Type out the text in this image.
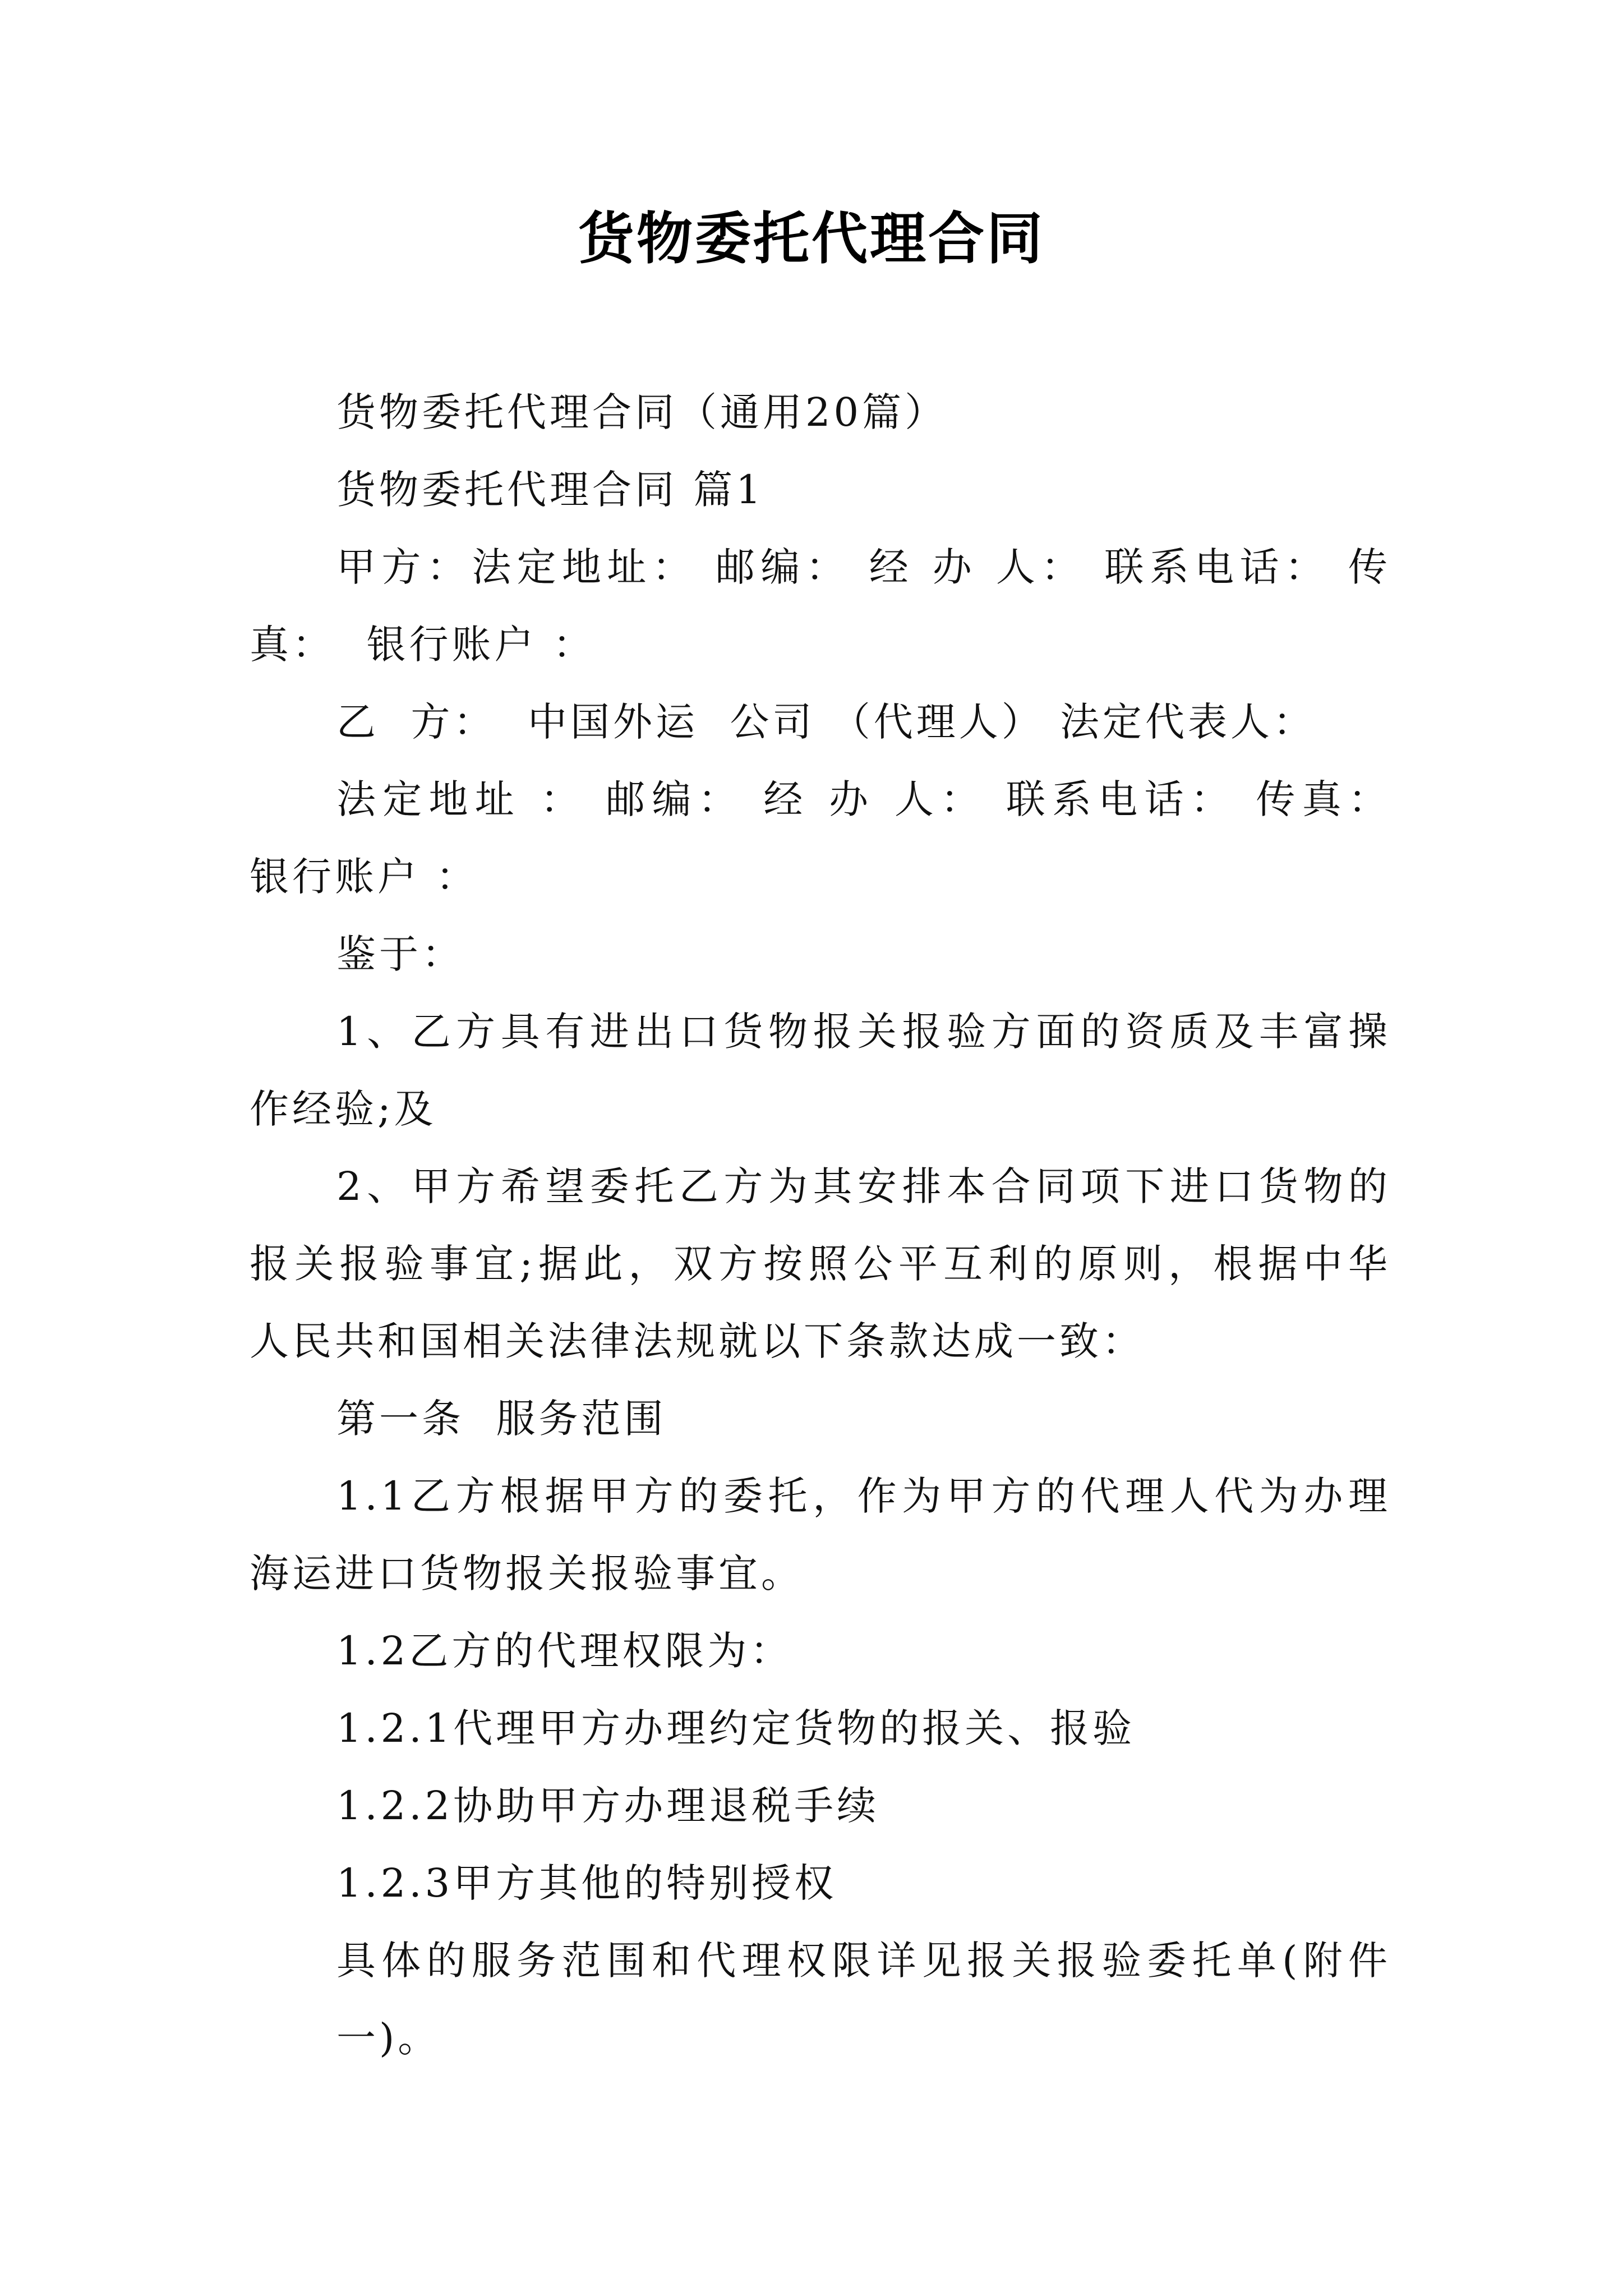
货物委托代理合同
货物委托代理合同（通用20篇）
货物委托代理合同 篇1
甲方：法定地址： 邮编： 经 办 人： 联系电话： 传
真：  银行账户 ：
乙  方：  中国外运  公司 （代理人） 法定代表人：
法定地址 ： 邮编： 经 办 人： 联系电话： 传真：
银行账户 ：
鉴于：
1、乙方具有进出口货物报关报验方面的资质及丰富操
作经验;及
2、甲方希望委托乙方为其安排本合同项下进口货物的
报关报验事宜;据此，双方按照公平互利的原则，根据中华
人民共和国相关法律法规就以下条款达成一致：
第一条  服务范围
1.1乙方根据甲方的委托，作为甲方的代理人代为办理
海运进口货物报关报验事宜。
1.2乙方的代理权限为：
1.2.1代理甲方办理约定货物的报关、报验
1.2.2协助甲方办理退税手续
1.2.3甲方其他的特别授权
具体的服务范围和代理权限详见报关报验委托单(附件
一)。
